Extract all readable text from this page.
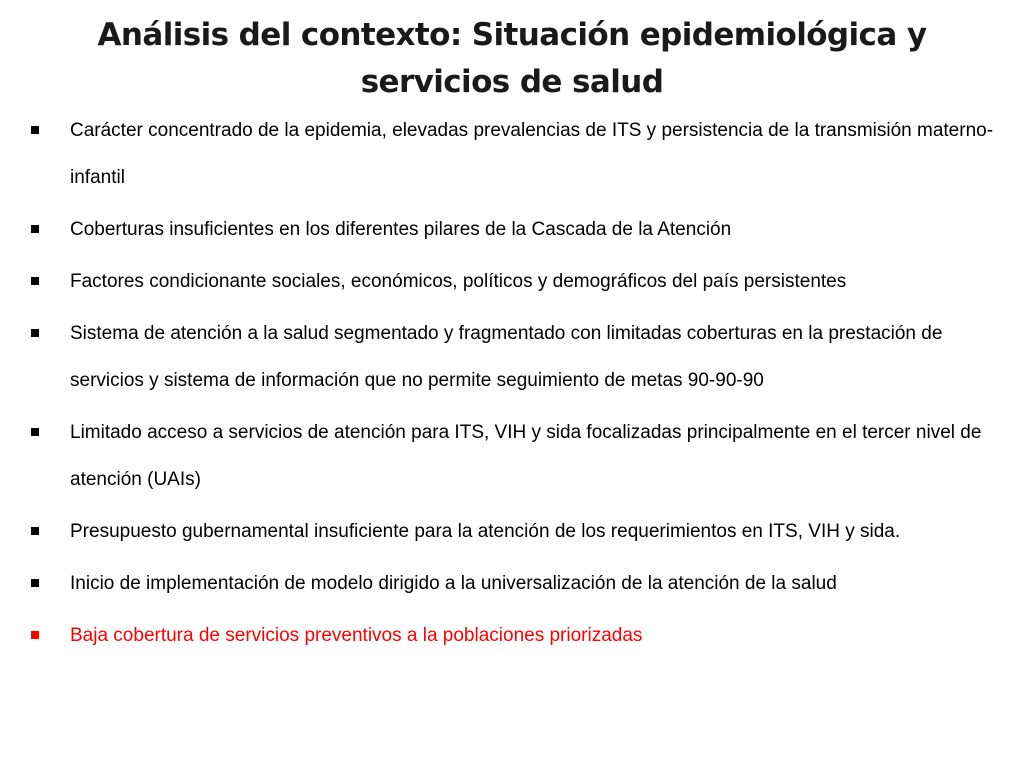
Análisis del contexto: Situación epidemiológica y
servicios de salud
Carácter concentrado de la epidemia, elevadas prevalencias de ITS y persistencia de la transmisión materno-infantil
Coberturas insuficientes en los diferentes pilares de la Cascada de la Atención
Factores condicionante sociales, económicos, políticos y demográficos del país persistentes
Sistema de atención a la salud segmentado y fragmentado con limitadas coberturas en la prestación de servicios y sistema de información que no permite seguimiento de metas 90-90-90
Limitado acceso a servicios de atención para ITS, VIH y sida focalizadas principalmente en el tercer nivel de atención (UAIs)
Presupuesto gubernamental insuficiente para la atención de los requerimientos en ITS, VIH y sida.
Inicio de implementación de modelo dirigido a la universalización de la atención de la salud
Baja cobertura de servicios preventivos a la poblaciones priorizadas
